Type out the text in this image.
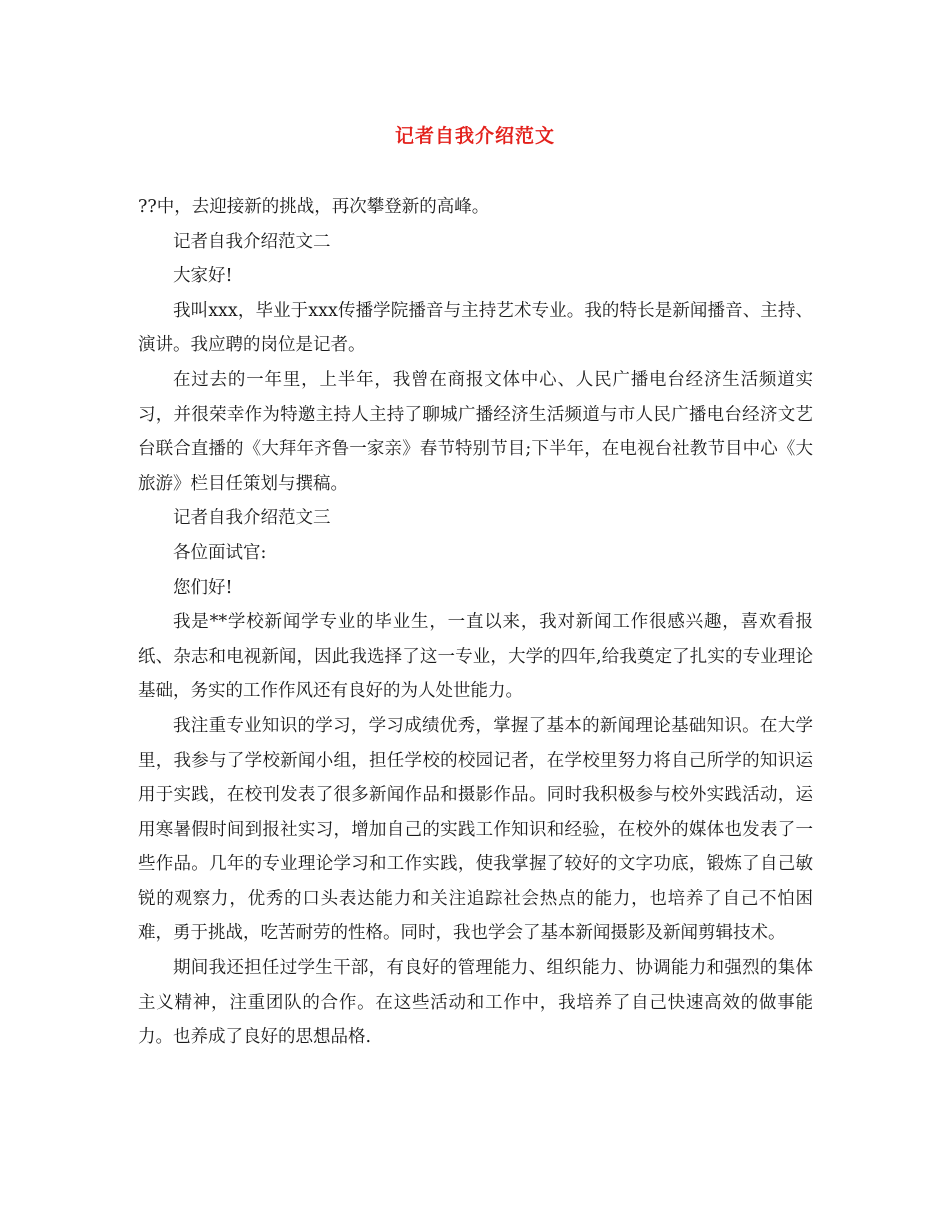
记者自我介绍范文

??中，去迎接新的挑战，再次攀登新的高峰。

记者自我介绍范文二

大家好!

我叫xxx，毕业于xxx传播学院播音与主持艺术专业。我的特长是新闻播音、主持、演讲。我应聘的岗位是记者。

在过去的一年里，上半年，我曾在商报文体中心、人民广播电台经济生活频道实习，并很荣幸作为特邀主持人主持了聊城广播经济生活频道与市人民广播电台经济文艺台联合直播的《大拜年齐鲁一家亲》春节特别节目;下半年，在电视台社教节目中心《大旅游》栏目任策划与撰稿。

记者自我介绍范文三

各位面试官:

您们好!

我是**学校新闻学专业的毕业生，一直以来，我对新闻工作很感兴趣，喜欢看报纸、杂志和电视新闻，因此我选择了这一专业，大学的四年,给我奠定了扎实的专业理论基础，务实的工作作风还有良好的为人处世能力。

我注重专业知识的学习，学习成绩优秀，掌握了基本的新闻理论基础知识。在大学里，我参与了学校新闻小组，担任学校的校园记者，在学校里努力将自己所学的知识运用于实践，在校刊发表了很多新闻作品和摄影作品。同时我积极参与校外实践活动，运用寒暑假时间到报社实习，增加自己的实践工作知识和经验，在校外的媒体也发表了一些作品。几年的专业理论学习和工作实践，使我掌握了较好的文字功底，锻炼了自己敏锐的观察力，优秀的口头表达能力和关注追踪社会热点的能力，也培养了自己不怕困难，勇于挑战，吃苦耐劳的性格。同时，我也学会了基本新闻摄影及新闻剪辑技术。

期间我还担任过学生干部，有良好的管理能力、组织能力、协调能力和强烈的集体主义精神，注重团队的合作。在这些活动和工作中，我培养了自己快速高效的做事能力。也养成了良好的思想品格.
